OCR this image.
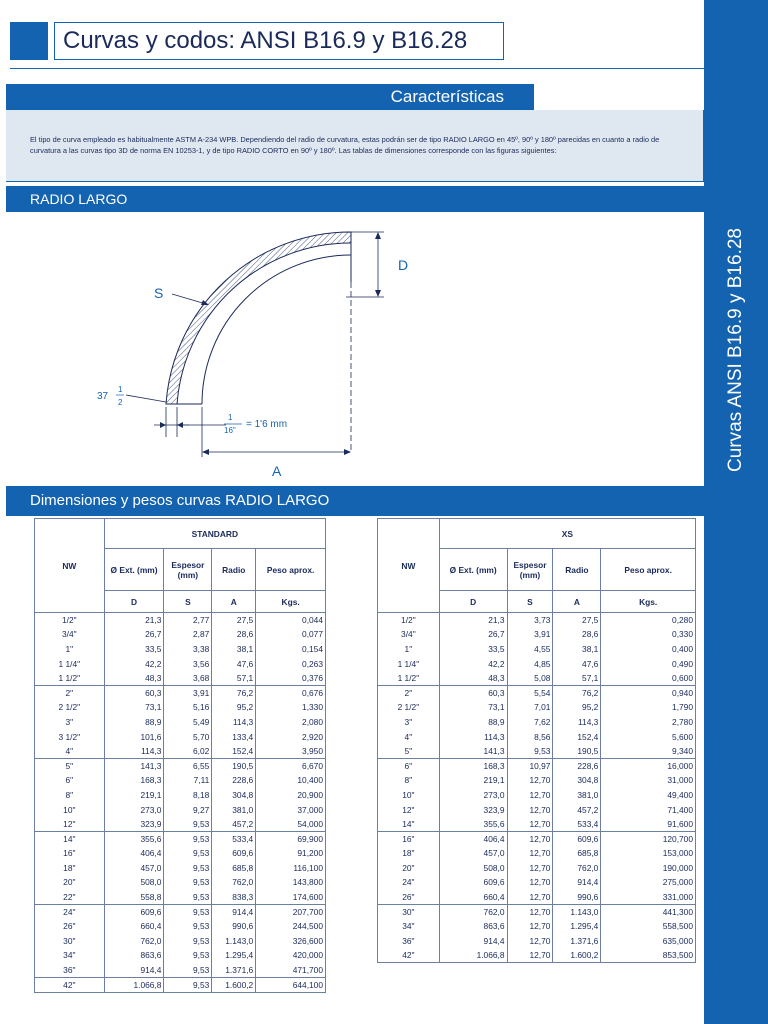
Curvas ANSI B16.9 y B16.28
Curvas y codos: ANSI B16.9 y B16.28
Características
El tipo de curva empleado es habitualmente ASTM A-234 WPB. Dependiendo del radio de curvatura, estas podrán ser de tipo RADIO LARGO en 45º, 90º y 180º parecidas en cuanto a radio de curvatura a las curvas tipo 3D de norma EN 10253-1, y de tipo RADIO CORTO en 90º y 180º. Las tablas de dimensiones corresponde con las figuras siguientes:
RADIO LARGO
D
S
A
37
1
2
1
16"
= 1'6 mm
Dimensiones y pesos curvas RADIO LARGO
NW	STANDARD			
	Ø Ext. (mm)	Espesor (mm)	Radio	Peso aprox.
	D	S	A	Kgs.
1/2"	21,3	2,77	27,5	0,044
3/4"	26,7	2,87	28,6	0,077
1"	33,5	3,38	38,1	0,154
1 1/4"	42,2	3,56	47,6	0,263
1 1/2"	48,3	3,68	57,1	0,376
2"	60,3	3,91	76,2	0,676
2 1/2"	73,1	5,16	95,2	1,330
3"	88,9	5,49	114,3	2,080
3 1/2"	101,6	5,70	133,4	2,920
4"	114,3	6,02	152,4	3,950
5"	141,3	6,55	190,5	6,670
6"	168,3	7,11	228,6	10,400
8"	219,1	8,18	304,8	20,900
10"	273,0	9,27	381,0	37,000
12"	323,9	9,53	457,2	54,000
14"	355,6	9,53	533,4	69,900
16"	406,4	9,53	609,6	91,200
18"	457,0	9,53	685,8	116,100
20"	508,0	9,53	762,0	143,800
22"	558,8	9,53	838,3	174,600
24"	609,6	9,53	914,4	207,700
26"	660,4	9,53	990,6	244,500
30"	762,0	9,53	1.143,0	326,600
34"	863,6	9,53	1.295,4	420,000
36"	914,4	9,53	1.371,6	471,700
42"	1.066,8	9,53	1.600,2	644,100
NW	XS			
	Ø Ext. (mm)	Espesor (mm)	Radio	Peso aprox.
	D	S	A	Kgs.
1/2"	21,3	3,73	27,5	0,280
3/4"	26,7	3,91	28,6	0,330
1"	33,5	4,55	38,1	0,400
1 1/4"	42,2	4,85	47,6	0,490
1 1/2"	48,3	5,08	57,1	0,600
2"	60,3	5,54	76,2	0,940
2 1/2"	73,1	7,01	95,2	1,790
3"	88,9	7,62	114,3	2,780
4"	114,3	8,56	152,4	5,600
5"	141,3	9,53	190,5	9,340
6"	168,3	10,97	228,6	16,000
8"	219,1	12,70	304,8	31,000
10"	273,0	12,70	381,0	49,400
12"	323,9	12,70	457,2	71,400
14"	355,6	12,70	533,4	91,600
16"	406,4	12,70	609,6	120,700
18"	457,0	12,70	685,8	153,000
20"	508,0	12,70	762,0	190,000
24"	609,6	12,70	914,4	275,000
26"	660,4	12,70	990,6	331,000
30"	762,0	12,70	1.143,0	441,300
34"	863,6	12,70	1.295,4	558,500
36"	914,4	12,70	1.371,6	635,000
42"	1.066,8	12,70	1.600,2	853,500
